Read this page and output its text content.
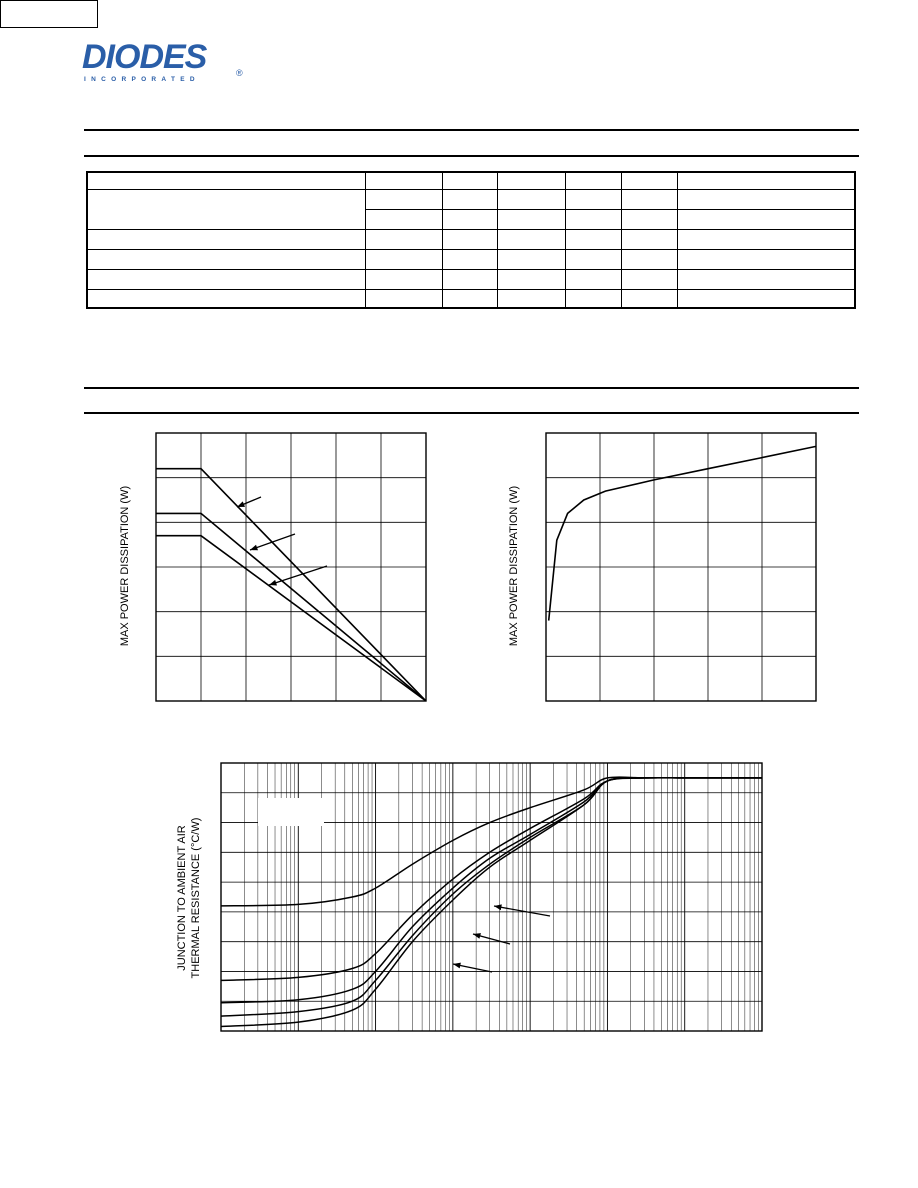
DIODES
INCORPORATED
®

MAX POWER DISSIPATION (W)	MAX POWER DISSIPATION (W)
JUNCTION TO AMBIENT AIR THERMAL RESISTANCE (°C/W)
